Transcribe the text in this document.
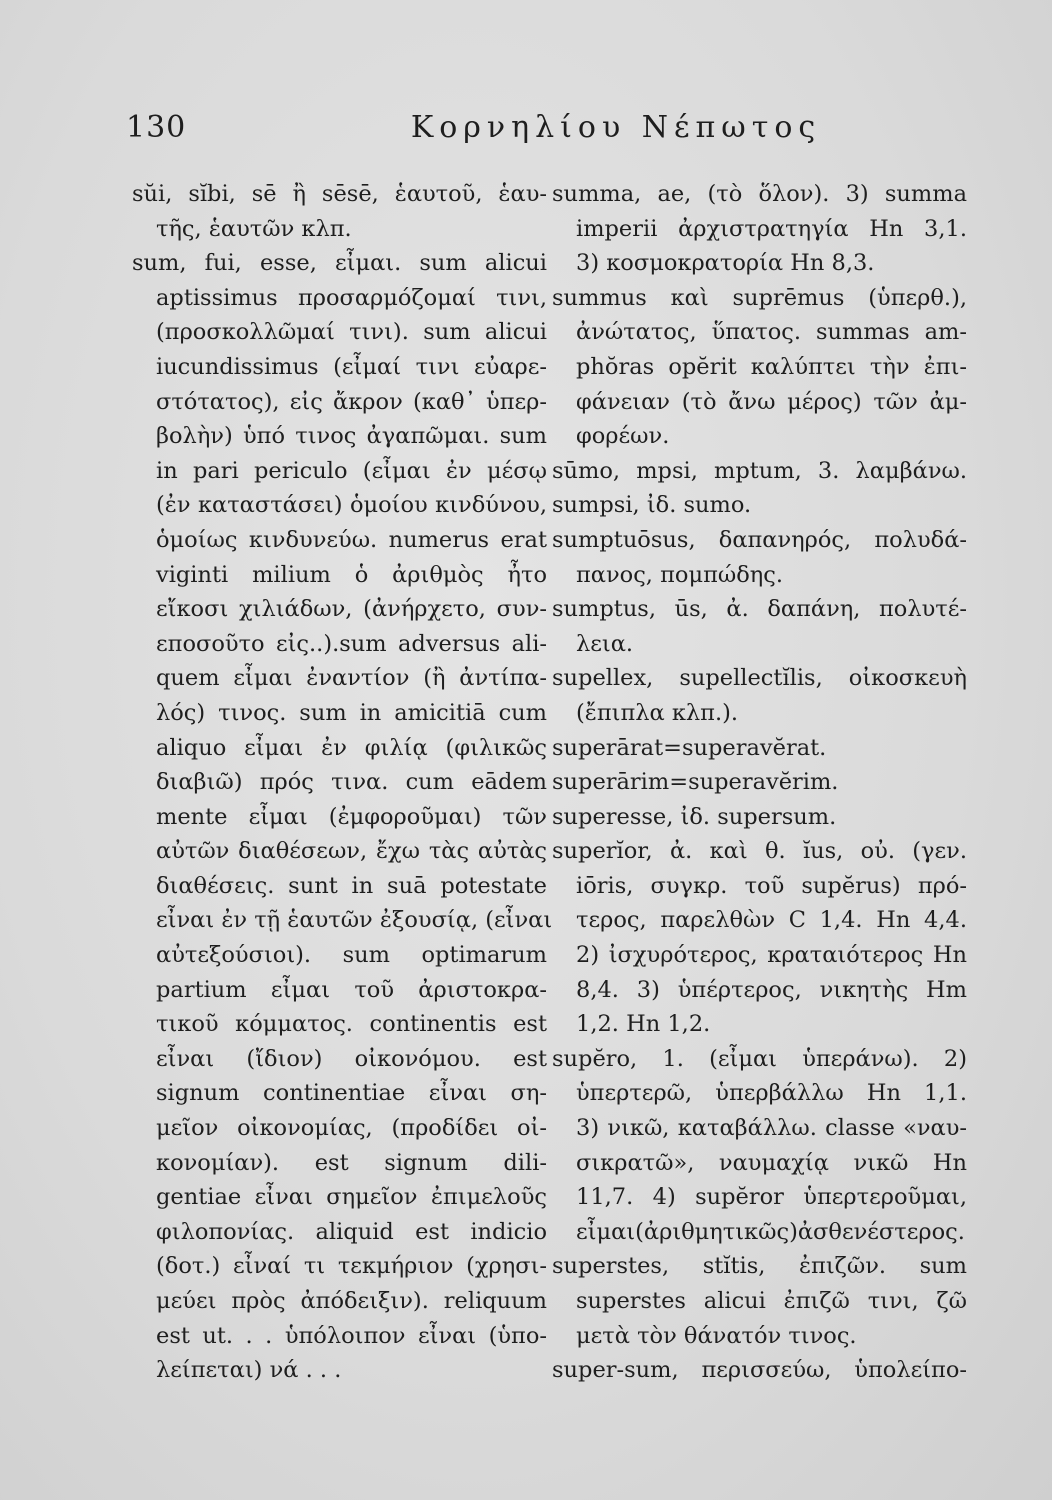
130	Κορνηλίου Νέπωτος
sŭi, sĭbi, sē ἢ sēsē, ἑαυτοῦ, ἑαυ-
τῆς, ἑαυτῶν κλπ.
sum, fui, esse, εἶμαι. sum alicui
aptissimus προσαρμόζομαί τινι,
(προσκολλῶμαί τινι). sum alicui
iucundissimus (εἶμαί τινι εὐαρε-
στότατος), εἰς ἄκρον (καθ᾽ ὑπερ-
βολὴν) ὑπό τινος ἀγαπῶμαι. sum
in pari periculo (εἶμαι ἐν μέσῳ
(ἐν καταστάσει) ὁμοίου κινδύνου,
ὁμοίως κινδυνεύω. numerus erat
viginti milium ὁ ἀριθμὸς ἦτο
εἴκοσι χιλιάδων, (ἀνήρχετο, συν-
εποσοῦτο εἰς..).sum adversus ali-
quem εἶμαι ἐναντίον (ἢ ἀντίπα-
λός) τινος. sum in amicitiā cum
aliquo εἶμαι ἐν φιλίᾳ (φιλικῶς
διαβιῶ) πρός τινα. cum eādem
mente εἶμαι (ἐμφοροῦμαι) τῶν
αὐτῶν διαθέσεων, ἔχω τὰς αὐτὰς
διαθέσεις. sunt in suā potestate
εἶναι ἐν τῇ ἑαυτῶν ἐξουσίᾳ, (εἶναι
αὐτεξούσιοι). sum optimarum
partium εἶμαι τοῦ ἀριστοκρα-
τικοῦ κόμματος. continentis est
εἶναι (ἴδιον) οἰκονόμου. est
signum continentiae εἶναι ση-
μεῖον οἰκονομίας, (προδίδει οἰ-
κονομίαν). est signum dili-
gentiae εἶναι σημεῖον ἐπιμελοῦς
φιλοπονίας. aliquid est indicio
(δοτ.) εἶναί τι τεκμήριον (χρησι-
μεύει πρὸς ἀπόδειξιν). reliquum
est ut. . . ὑπόλοιπον εἶναι (ὑπο-
λείπεται) νά . . .
summa, ae, (τὸ ὅλον). 3) summa
imperii ἀρχιστρατηγία Hn 3,1.
3) κοσμοκρατορία Hn 8,3.
summus καὶ suprēmus (ὑπερθ.),
ἀνώτατος, ὕπατος. summas am-
phŏras opĕrit καλύπτει τὴν ἐπι-
φάνειαν (τὸ ἄνω μέρος) τῶν ἀμ-
φορέων.
sūmo, mpsi, mptum, 3. λαμβάνω.
sumpsi, ἰδ. sumo.
sumptuōsus, δαπανηρός, πολυδά-
πανος, πομπώδης.
sumptus, ūs, ἀ. δαπάνη, πολυτέ-
λεια.
supellex, supellectĭlis, οἰκοσκευὴ
(ἔπιπλα κλπ.).
superārat=superavĕrat.
superārim=superavĕrim.
superesse, ἰδ. supersum.
superĭor, ἀ. καὶ θ. ĭus, οὐ. (γεν.
iōris, συγκρ. τοῦ supĕrus) πρό-
τερος, παρελθὼν C 1,4. Hn 4,4.
2) ἰσχυρότερος, κραταιότερος Hn
8,4. 3) ὑπέρτερος, νικητὴς Hm
1,2. Hn 1,2.
supĕro, 1. (εἶμαι ὑπεράνω). 2)
ὑπερτερῶ, ὑπερβάλλω Hn 1,1.
3) νικῶ, καταβάλλω. classe «ναυ-
σικρατῶ», ναυμαχίᾳ νικῶ Hn
11,7. 4) supĕror ὑπερτεροῦμαι,
εἶμαι(ἀριθμητικῶς)ἀσθενέστερος.
superstes, stĭtis, ἐπιζῶν. sum
superstes alicui ἐπιζῶ τινι, ζῶ
μετὰ τὸν θάνατόν τινος.
super-sum, περισσεύω, ὑπολείπο-
